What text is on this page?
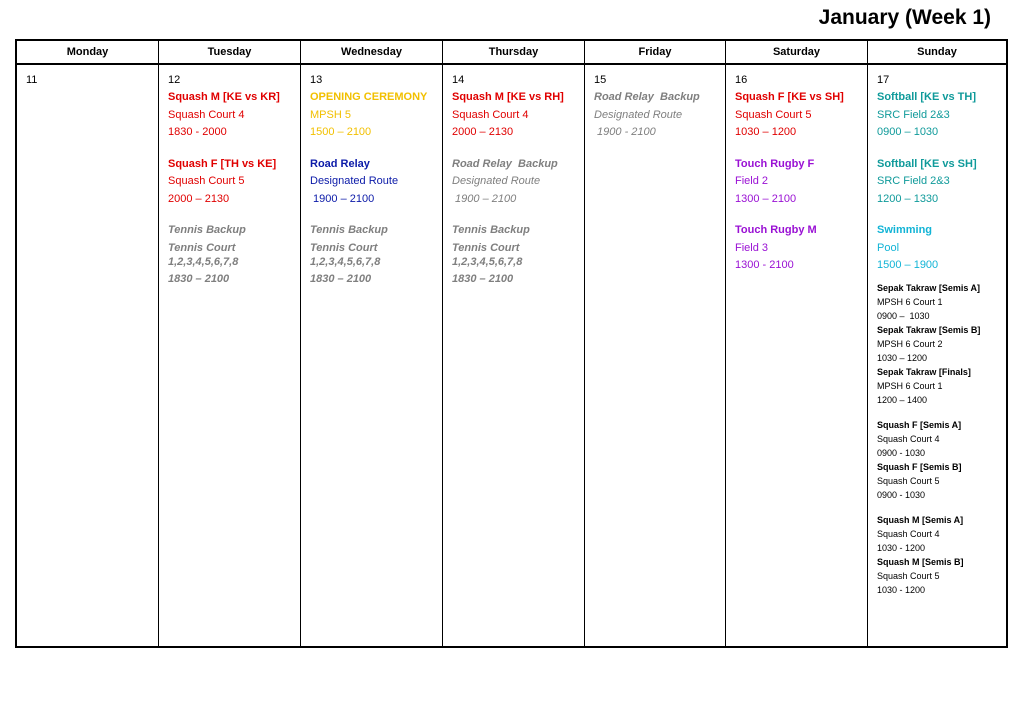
January (Week 1)
Monday
11
Tuesday
12
Squash M [KE vs KR]
Squash Court 4
1830 - 2000
Squash F [TH vs KE]
Squash Court 5
2000 – 2130
Tennis Backup
Tennis Court
1,2,3,4,5,6,7,8
1830 – 2100
Wednesday
13
OPENING CEREMONY
MPSH 5
1500 – 2100
Road Relay
Designated Route
1900 – 2100
Tennis Backup
Tennis Court
1,2,3,4,5,6,7,8
1830 – 2100
Thursday
14
Squash M [KE vs RH]
Squash Court 4
2000 – 2130
Road Relay  Backup
Designated Route
1900 – 2100
Tennis Backup
Tennis Court
1,2,3,4,5,6,7,8
1830 – 2100
Friday
15
Road Relay  Backup
Designated Route
1900 - 2100
Saturday
16
Squash F [KE vs SH]
Squash Court 5
1030 – 1200
Touch Rugby F
Field 2
1300 – 2100
Touch Rugby M
Field 3
1300 - 2100
Sunday
17
Softball [KE vs TH]
SRC Field 2&3
0900 – 1030
Softball [KE vs SH]
SRC Field 2&3
1200 – 1330
Swimming
Pool
1500 – 1900
Sepak Takraw [Semis A]
MPSH 6 Court 1
0900 –  1030
Sepak Takraw [Semis B]
MPSH 6 Court 2
1030 – 1200
Sepak Takraw [Finals]
MPSH 6 Court 1
1200 – 1400
Squash F [Semis A]
Squash Court 4
0900 - 1030
Squash F [Semis B]
Squash Court 5
0900 - 1030
Squash M [Semis A]
Squash Court 4
1030 - 1200
Squash M [Semis B]
Squash Court 5
1030 - 1200
